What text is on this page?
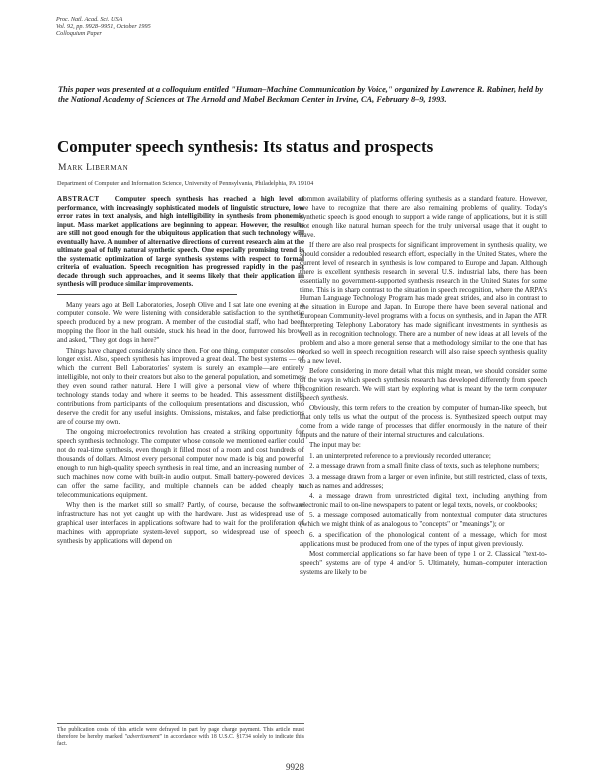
Proc. Natl. Acad. Sci. USA
Vol. 92, pp. 9928–9951, October 1995
Colloquium Paper
This paper was presented at a colloquium entitled "Human–Machine Communication by Voice," organized by Lawrence R. Rabiner, held by the National Academy of Sciences at The Arnold and Mabel Beckman Center in Irvine, CA, February 8–9, 1993.
Computer speech synthesis: Its status and prospects
Mark Liberman
Department of Computer and Information Science, University of Pennsylvania, Philadelphia, PA 19104

ABSTRACT Computer speech synthesis has reached a high level of performance, with increasingly sophisticated models of linguistic structure, low error rates in text analysis, and high intelligibility in synthesis from phonemic input. Mass market applications are beginning to appear. However, the results are still not good enough for the ubiquitous application that such technology will eventually have. A number of alternative directions of current research aim at the ultimate goal of fully natural synthetic speech. One especially promising trend is the systematic optimization of large synthesis systems with respect to formal criteria of evaluation. Speech recognition has progressed rapidly in the past decade through such approaches, and it seems likely that their application in synthesis will produce similar improvements.

Many years ago at Bell Laboratories, Joseph Olive and I sat late one evening at a computer console. We were listening with considerable satisfaction to the synthetic speech produced by a new program. A member of the custodial staff, who had been mopping the floor in the hall outside, stuck his head in the door, furrowed his brow, and asked, "They got dogs in here?"

Things have changed considerably since then. For one thing, computer consoles no longer exist. Also, speech synthesis has improved a great deal. The best systems — of which the current Bell Laboratories' system is surely an example—are entirely intelligible, not only to their creators but also to the general population, and sometimes they even sound rather natural. Here I will give a personal view of where this technology stands today and where it seems to be headed. This assessment distills contributions from participants of the colloquium presentations and discussion, who deserve the credit for any useful insights. Omissions, mistakes, and false predictions are of course my own.

The ongoing microelectronics revolution has created a striking opportunity for speech synthesis technology. The computer whose console we mentioned earlier could not do real-time synthesis, even though it filled most of a room and cost hundreds of thousands of dollars. Almost every personal computer now made is big and powerful enough to run high-quality speech synthesis in real time, and an increasing number of such machines now come with built-in audio output. Small battery-powered devices can offer the same facility, and multiple channels can be added cheaply to telecommunications equipment.

Why then is the market still so small? Partly, of course, because the software infrastructure has not yet caught up with the hardware. Just as widespread use of graphical user interfaces in applications software had to wait for the proliferation of machines with appropriate system-level support, so widespread use of speech synthesis by applications will depend on

The publication costs of this article were defrayed in part by page charge payment. This article must therefore be hereby marked "advertisement" in accordance with 18 U.S.C. §1734 solely to indicate this fact.

common availability of platforms offering synthesis as a standard feature. However, we have to recognize that there are also remaining problems of quality. Today's synthetic speech is good enough to support a wide range of applications, but it is still not enough like natural human speech for the truly universal usage that it ought to have.

If there are also real prospects for significant improvement in synthesis quality, we should consider a redoubled research effort, especially in the United States, where the current level of research in synthesis is low compared to Europe and Japan. Although there is excellent synthesis research in several U.S. industrial labs, there has been essentially no government-supported synthesis research in the United States for some time. This is in sharp contrast to the situation in speech recognition, where the ARPA's Human Language Technology Program has made great strides, and also in contrast to the situation in Europe and Japan. In Europe there have been several national and European Community-level programs with a focus on synthesis, and in Japan the ATR Interpreting Telephony Laboratory has made significant investments in synthesis as well as in recognition technology. There are a number of new ideas at all levels of the problem and also a more general sense that a methodology similar to the one that has worked so well in speech recognition research will also raise speech synthesis quality to a new level.

Before considering in more detail what this might mean, we should consider some of the ways in which speech synthesis research has developed differently from speech recognition research. We will start by exploring what is meant by the term computer speech synthesis.

Obviously, this term refers to the creation by computer of human-like speech, but that only tells us what the output of the process is. Synthesized speech output may come from a wide range of processes that differ enormously in the nature of their inputs and the nature of their internal structures and calculations.

The input may be:

1. an uninterpreted reference to a previously recorded utterance;

2. a message drawn from a small finite class of texts, such as telephone numbers;

3. a message drawn from a larger or even infinite, but still restricted, class of texts, such as names and addresses;

4. a message drawn from unrestricted digital text, including anything from electronic mail to on-line newspapers to patent or legal texts, novels, or cookbooks;

5. a message composed automatically from nontextual computer data structures (which we might think of as analogous to "concepts" or "meanings"); or

6. a specification of the phonological content of a message, which for most applications must be produced from one of the types of input given previously.

Most commercial applications so far have been of type 1 or 2. Classical "text-to-speech" systems are of type 4 and/or 5. Ultimately, human–computer interaction systems are likely to be

9928
